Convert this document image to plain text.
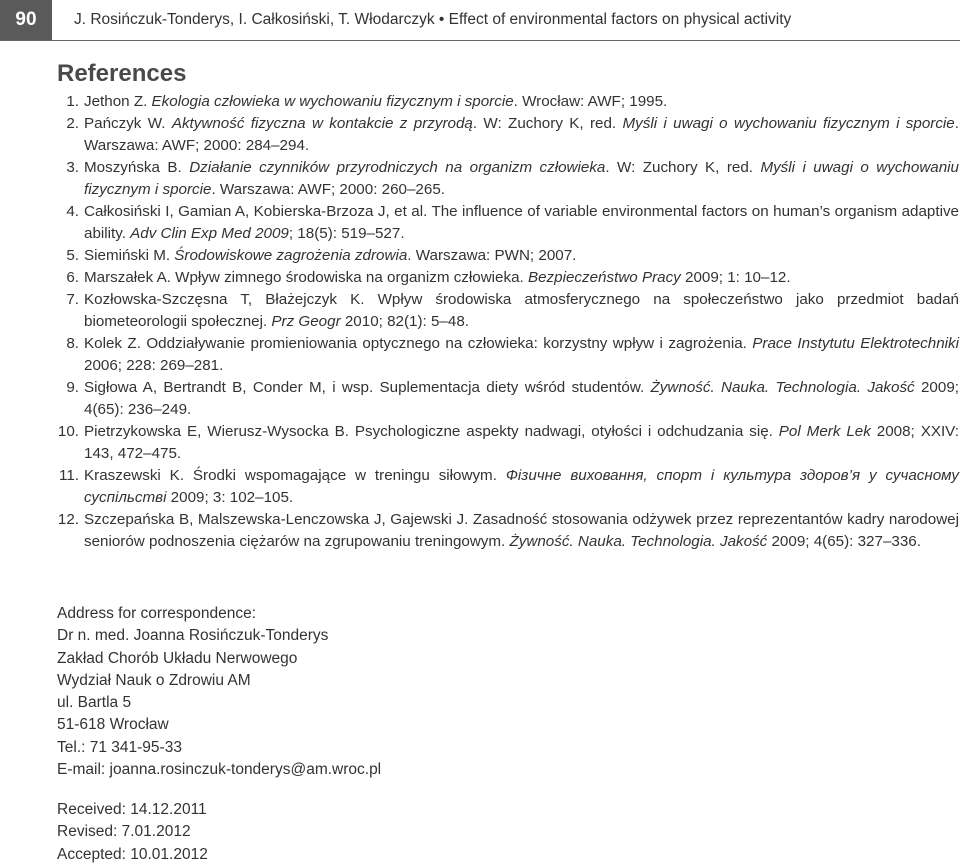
90	J. Rosińczuk-Tonderys, I. Całkosiński, T. Włodarczyk • Effect of environmental factors on physical activity
References
1. Jethon Z. Ekologia człowieka w wychowaniu fizycznym i sporcie. Wrocław: AWF; 1995.
2. Pańczyk W. Aktywność fizyczna w kontakcie z przyrodą. W: Zuchory K, red. Myśli i uwagi o wychowaniu fizycznym i sporcie. Warszawa: AWF; 2000: 284–294.
3. Moszyńska B. Działanie czynników przyrodniczych na organizm człowieka. W: Zuchory K, red. Myśli i uwagi o wychowaniu fizycznym i sporcie. Warszawa: AWF; 2000: 260–265.
4. Całkosiński I, Gamian A, Kobierska-Brzoza J, et al. The influence of variable environmental factors on human’s organism adaptive ability. Adv Clin Exp Med 2009; 18(5): 519–527.
5. Siemiński M. Środowiskowe zagrożenia zdrowia. Warszawa: PWN; 2007.
6. Marszałek A. Wpływ zimnego środowiska na organizm człowieka. Bezpieczeństwo Pracy 2009; 1: 10–12.
7. Kozłowska-Szczęsna T, Błażejczyk K. Wpływ środowiska atmosferycznego na społeczeństwo jako przedmiot badań biometeorologii społecznej. Prz Geogr 2010; 82(1): 5–48.
8. Kolek Z. Oddziaływanie promieniowania optycznego na człowieka: korzystny wpływ i zagrożenia. Prace Instytutu Elektrotechniki 2006; 228: 269–281.
9. Sigłowa A, Bertrandt B, Conder M, i wsp. Suplementacja diety wśród studentów. Żywność. Nauka. Technologia. Jakość 2009; 4(65): 236–249.
10. Pietrzykowska E, Wierusz-Wysocka B. Psychologiczne aspekty nadwagi, otyłości i odchudzania się. Pol Merk Lek 2008; XXIV: 143, 472–475.
11. Kraszewski K. Środki wspomagające w treningu siłowym. Фізичне виховання, спорт і культура здоров’я у сучасному суспільстві 2009; 3: 102–105.
12. Szczepańska B, Malszewska-Lenczowska J, Gajewski J. Zasadność stosowania odżywek przez reprezentantów kadry narodowej seniorów podnoszenia ciężarów na zgrupowaniu treningowym. Żywność. Nauka. Technologia. Jakość 2009; 4(65): 327–336.
Address for correspondence:
Dr n. med. Joanna Rosińczuk-Tonderys
Zakład Chorób Układu Nerwowego
Wydział Nauk o Zdrowiu AM
ul. Bartla 5
51-618 Wrocław
Tel.: 71 341-95-33
E-mail: joanna.rosinczuk-tonderys@am.wroc.pl
Received: 14.12.2011
Revised: 7.01.2012
Accepted: 10.01.2012
